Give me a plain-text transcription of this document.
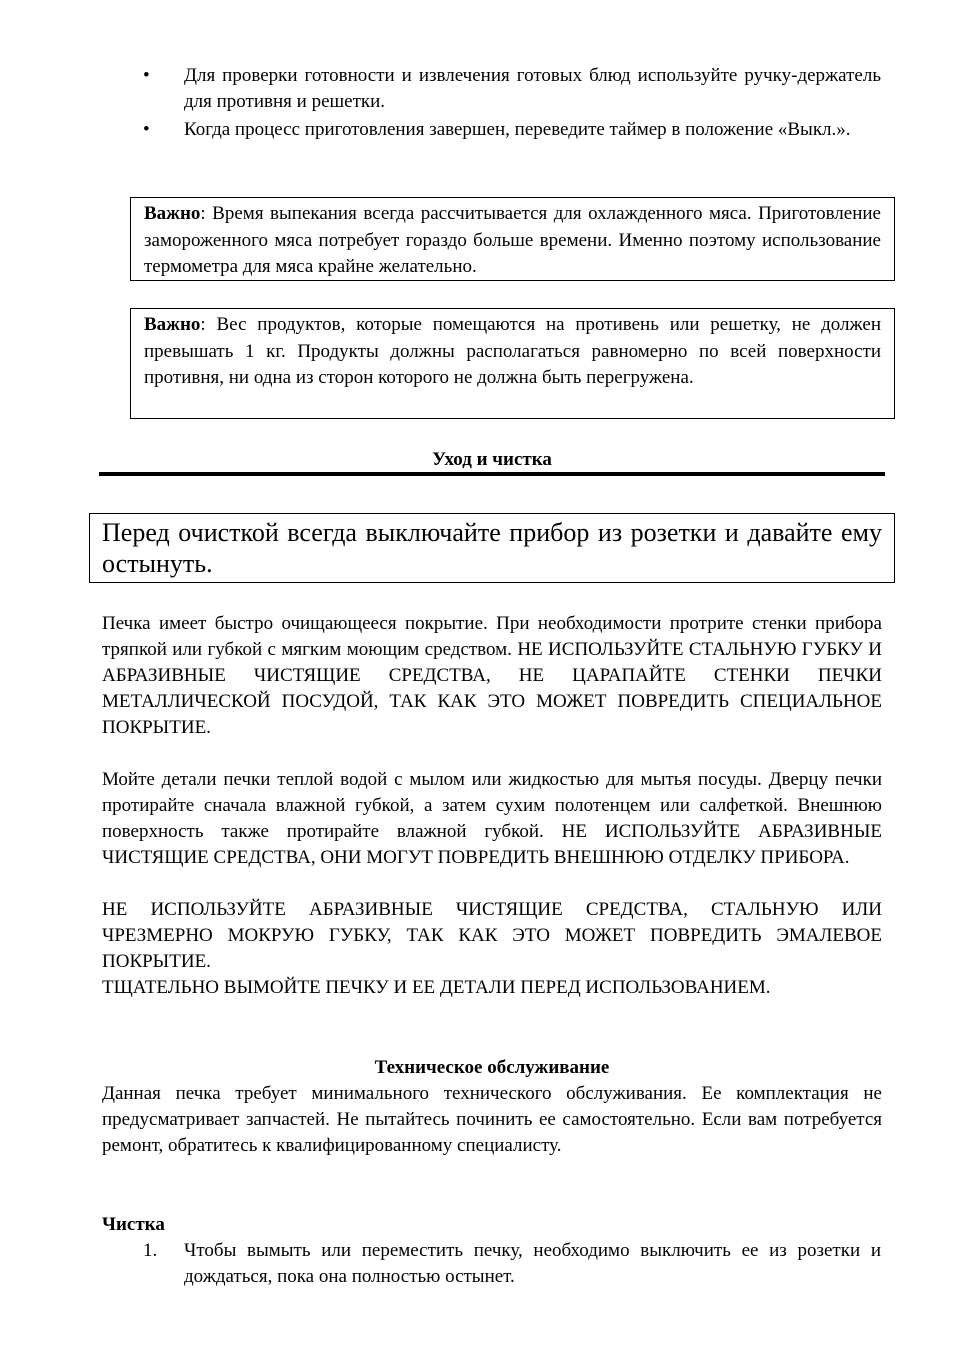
• Для проверки готовности и извлечения готовых блюд используйте ручку-держатель для противня и решетки.
• Когда процесс приготовления завершен, переведите таймер в положение «Выкл.».

Важно: Время выпекания всегда рассчитывается для охлажденного мяса. Приготовление замороженного мяса потребует гораздо больше времени. Именно поэтому использование термометра для мяса крайне желательно.

Важно: Вес продуктов, которые помещаются на противень или решетку, не должен превышать 1 кг. Продукты должны располагаться равномерно по всей поверхности противня, ни одна из сторон которого не должна быть перегружена.

Уход и чистка

Перед очисткой всегда выключайте прибор из розетки и давайте ему остынуть.

Печка имеет быстро очищающееся покрытие. При необходимости протрите стенки прибора тряпкой или губкой с мягким моющим средством. НЕ ИСПОЛЬЗУЙТЕ СТАЛЬНУЮ ГУБКУ И АБРАЗИВНЫЕ ЧИСТЯЩИЕ СРЕДСТВА, НЕ ЦАРАПАЙТЕ СТЕНКИ ПЕЧКИ МЕТАЛЛИЧЕСКОЙ ПОСУДОЙ, ТАК КАК ЭТО МОЖЕТ ПОВРЕДИТЬ СПЕЦИАЛЬНОЕ ПОКРЫТИЕ.

Мойте детали печки теплой водой с мылом или жидкостью для мытья посуды. Дверцу печки протирайте сначала влажной губкой, а затем сухим полотенцем или салфеткой. Внешнюю поверхность также протирайте влажной губкой. НЕ ИСПОЛЬЗУЙТЕ АБРАЗИВНЫЕ ЧИСТЯЩИЕ СРЕДСТВА, ОНИ МОГУТ ПОВРЕДИТЬ ВНЕШНЮЮ ОТДЕЛКУ ПРИБОРА.

НЕ ИСПОЛЬЗУЙТЕ АБРАЗИВНЫЕ ЧИСТЯЩИЕ СРЕДСТВА, СТАЛЬНУЮ ИЛИ ЧРЕЗМЕРНО МОКРУЮ ГУБКУ, ТАК КАК ЭТО МОЖЕТ ПОВРЕДИТЬ ЭМАЛЕВОЕ ПОКРЫТИЕ.

ТЩАТЕЛЬНО ВЫМОЙТЕ ПЕЧКУ И ЕЕ ДЕТАЛИ ПЕРЕД ИСПОЛЬЗОВАНИЕМ.

Техническое обслуживание

Данная печка требует минимального технического обслуживания. Ее комплектация не предусматривает запчастей. Не пытайтесь починить ее самостоятельно. Если вам потребуется ремонт, обратитесь к квалифицированному специалисту.

Чистка
1. Чтобы вымыть или переместить печку, необходимо выключить ее из розетки и дождаться, пока она полностью остынет.
